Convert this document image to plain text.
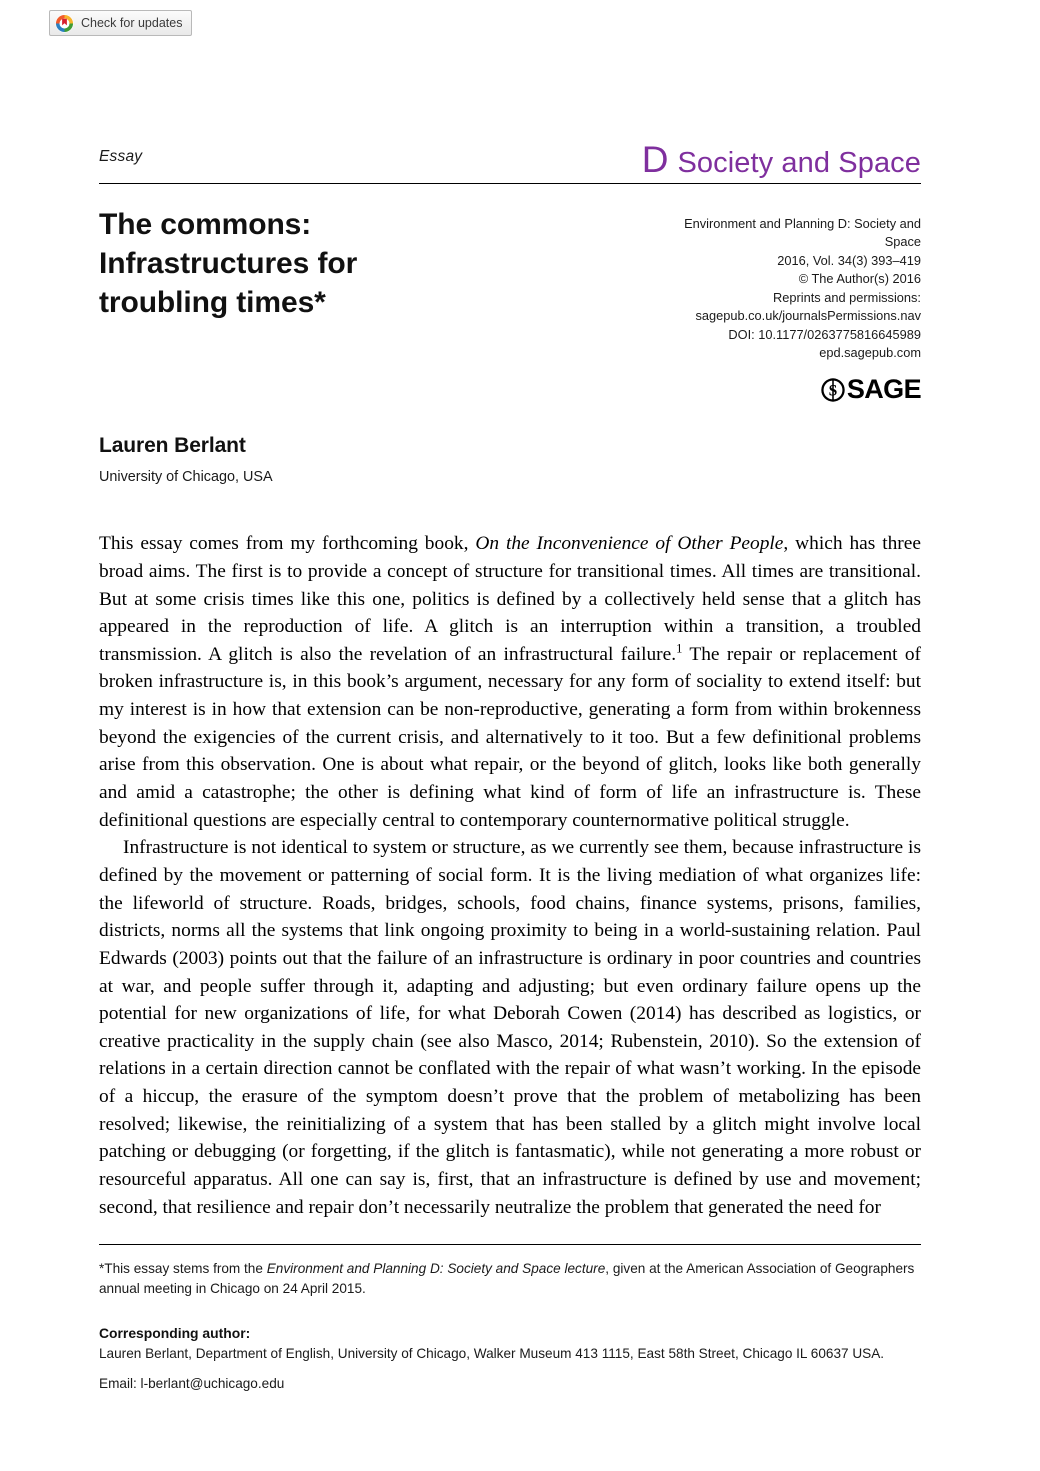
Check for updates
Essay	D Society and Space
The commons:
Infrastructures for
troubling times*
Environment and Planning D: Society and
Space
2016, Vol. 34(3) 393–419
© The Author(s) 2016
Reprints and permissions:
sagepub.co.uk/journalsPermissions.nav
DOI: 10.1177/0263775816645989
epd.sagepub.com
S SAGE
Lauren Berlant
University of Chicago, USA

This essay comes from my forthcoming book, On the Inconvenience of Other People, which has three broad aims. The first is to provide a concept of structure for transitional times. All times are transitional. But at some crisis times like this one, politics is defined by a collectively held sense that a glitch has appeared in the reproduction of life. A glitch is an interruption within a transition, a troubled transmission. A glitch is also the revelation of an infrastructural failure.$^1$ The repair or replacement of broken infrastructure is, in this book’s argument, necessary for any form of sociality to extend itself: but my interest is in how that extension can be non-reproductive, generating a form from within brokenness beyond the exigencies of the current crisis, and alternatively to it too. But a few definitional problems arise from this observation. One is about what repair, or the beyond of glitch, looks like both generally and amid a catastrophe; the other is defining what kind of form of life an infrastructure is. These definitional questions are especially central to contemporary counternormative political struggle.

Infrastructure is not identical to system or structure, as we currently see them, because infrastructure is defined by the movement or patterning of social form. It is the living mediation of what organizes life: the lifeworld of structure. Roads, bridges, schools, food chains, finance systems, prisons, families, districts, norms all the systems that link ongoing proximity to being in a world-sustaining relation. Paul Edwards (2003) points out that the failure of an infrastructure is ordinary in poor countries and countries at war, and people suffer through it, adapting and adjusting; but even ordinary failure opens up the potential for new organizations of life, for what Deborah Cowen (2014) has described as logistics, or creative practicality in the supply chain (see also Masco, 2014; Rubenstein, 2010). So the extension of relations in a certain direction cannot be conflated with the repair of what wasn’t working. In the episode of a hiccup, the erasure of the symptom doesn’t prove that the problem of metabolizing has been resolved; likewise, the reinitializing of a system that has been stalled by a glitch might involve local patching or debugging (or forgetting, if the glitch is fantasmatic), while not generating a more robust or resourceful apparatus. All one can say is, first, that an infrastructure is defined by use and movement; second, that resilience and repair don’t necessarily neutralize the problem that generated the need for

*This essay stems from the Environment and Planning D: Society and Space lecture, given at the American Association of Geographers annual meeting in Chicago on 24 April 2015.

Corresponding author:
Lauren Berlant, Department of English, University of Chicago, Walker Museum 413 1115, East 58th Street, Chicago IL 60637 USA.
Email: l-berlant@uchicago.edu
